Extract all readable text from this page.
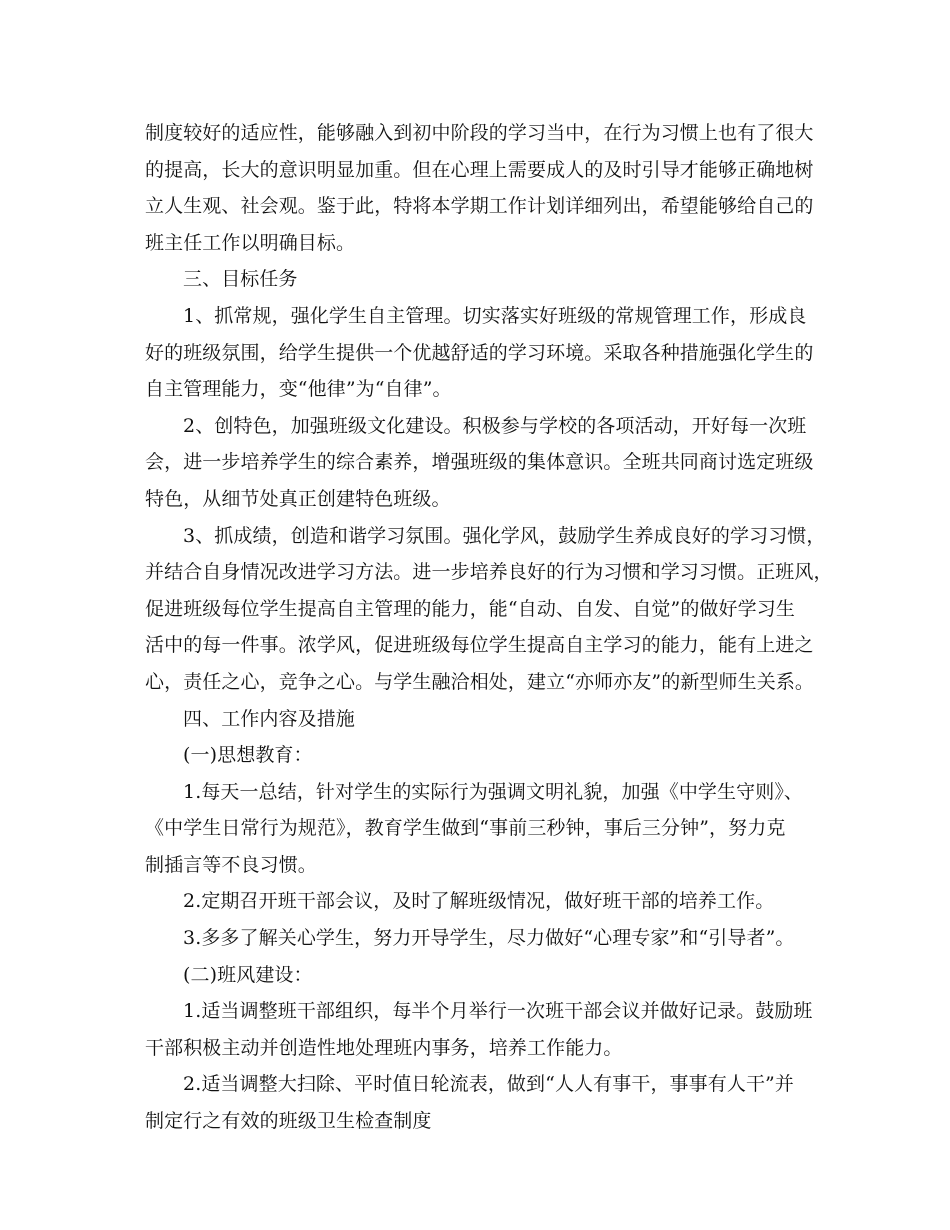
制度较好的适应性，能够融入到初中阶段的学习当中，在行为习惯上也有了很大
的提高，长大的意识明显加重。但在心理上需要成人的及时引导才能够正确地树
立人生观、社会观。鉴于此，特将本学期工作计划详细列出，希望能够给自己的
班主任工作以明确目标。
三、目标任务
1、抓常规，强化学生自主管理。切实落实好班级的常规管理工作，形成良
好的班级氛围，给学生提供一个优越舒适的学习环境。采取各种措施强化学生的
自主管理能力，变“他律”为“自律”。
2、创特色，加强班级文化建设。积极参与学校的各项活动，开好每一次班
会，进一步培养学生的综合素养，增强班级的集体意识。全班共同商讨选定班级
特色，从细节处真正创建特色班级。
3、抓成绩，创造和谐学习氛围。强化学风，鼓励学生养成良好的学习习惯，
并结合自身情况改进学习方法。进一步培养良好的行为习惯和学习习惯。正班风，
促进班级每位学生提高自主管理的能力，能“自动、自发、自觉”的做好学习生
活中的每一件事。浓学风，促进班级每位学生提高自主学习的能力，能有上进之
心，责任之心，竞争之心。与学生融洽相处，建立“亦师亦友”的新型师生关系。
四、工作内容及措施
(一)思想教育：
1.每天一总结，针对学生的实际行为强调文明礼貌，加强《中学生守则》、
《中学生日常行为规范》，教育学生做到“事前三秒钟，事后三分钟”，努力克
制插言等不良习惯。
2.定期召开班干部会议，及时了解班级情况，做好班干部的培养工作。
3.多多了解关心学生，努力开导学生，尽力做好“心理专家”和“引导者”。
(二)班风建设：
1.适当调整班干部组织，每半个月举行一次班干部会议并做好记录。鼓励班
干部积极主动并创造性地处理班内事务，培养工作能力。
2.适当调整大扫除、平时值日轮流表，做到“人人有事干，事事有人干”并
制定行之有效的班级卫生检查制度
